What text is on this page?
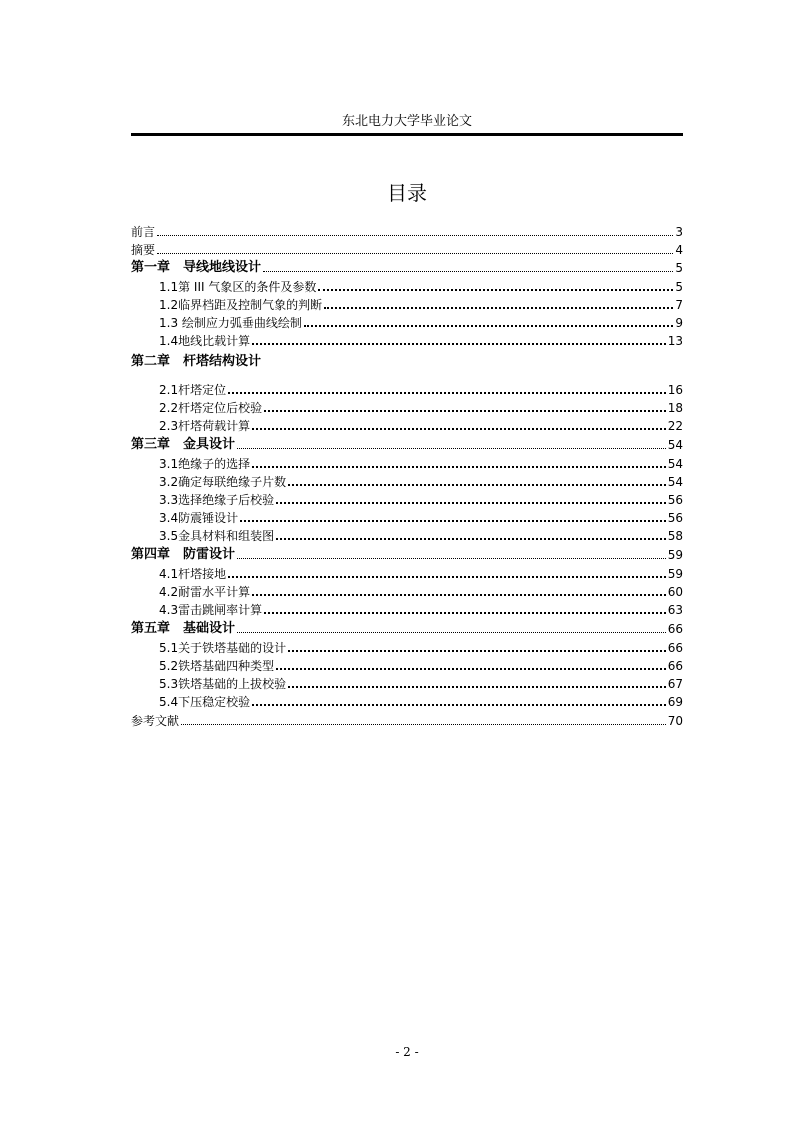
东北电力大学毕业论文
目录
前言	3
摘要	4
第一章　导线地线设计	5
1.1第 III 气象区的条件及参数	5
1.2临界档距及控制气象的判断	7
1.3 绘制应力弧垂曲线绘制	9
1.4地线比载计算	13
第二章　杆塔结构设计
2.1杆塔定位	16
2.2杆塔定位后校验	18
2.3杆塔荷载计算	22
第三章　金具设计	54
3.1绝缘子的选择	54
3.2确定每联绝缘子片数	54
3.3选择绝缘子后校验	56
3.4防震锤设计	56
3.5金具材料和组装图	58
第四章　防雷设计	59
4.1杆塔接地	59
4.2耐雷水平计算	60
4.3雷击跳闸率计算	63
第五章　基础设计	66
5.1关于铁塔基础的设计	66
5.2铁塔基础四种类型	66
5.3铁塔基础的上拔校验	67
5.4下压稳定校验	69
参考文献	70
- 2 -
